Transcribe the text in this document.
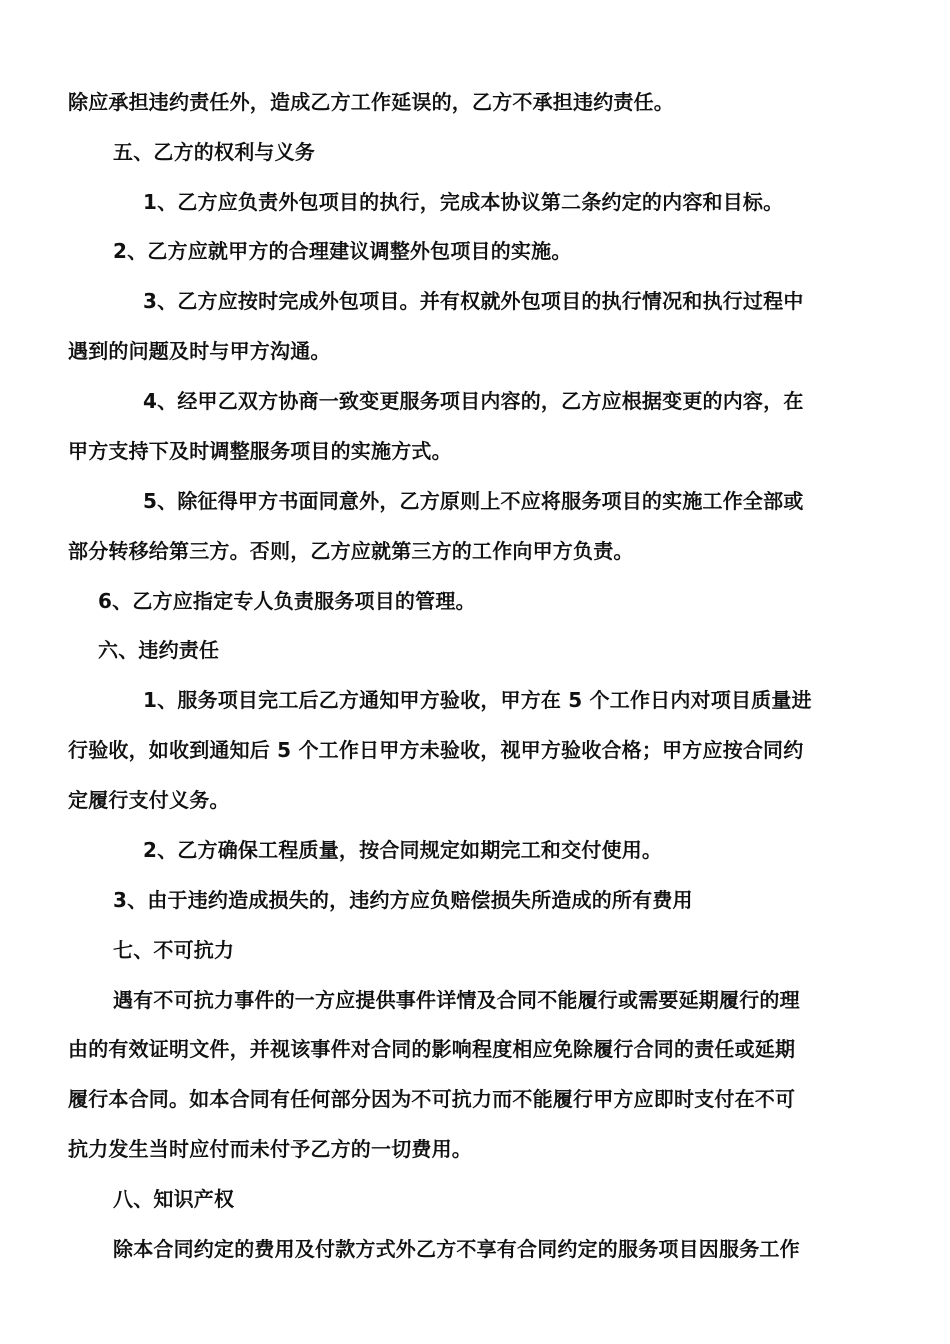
除应承担违约责任外，造成乙方工作延误的，乙方不承担违约责任。
五、乙方的权利与义务
1、乙方应负责外包项目的执行，完成本协议第二条约定的内容和目标。
2、乙方应就甲方的合理建议调整外包项目的实施。
3、乙方应按时完成外包项目。并有权就外包项目的执行情况和执行过程中
遇到的问题及时与甲方沟通。
4、经甲乙双方协商一致变更服务项目内容的，乙方应根据变更的内容，在
甲方支持下及时调整服务项目的实施方式。
5、除征得甲方书面同意外，乙方原则上不应将服务项目的实施工作全部或
部分转移给第三方。否则，乙方应就第三方的工作向甲方负责。
6、乙方应指定专人负责服务项目的管理。
六、违约责任
1、服务项目完工后乙方通知甲方验收，甲方在 5 个工作日内对项目质量进
行验收，如收到通知后 5 个工作日甲方未验收，视甲方验收合格；甲方应按合同约
定履行支付义务。
2、乙方确保工程质量，按合同规定如期完工和交付使用。
3、由于违约造成损失的，违约方应负赔偿损失所造成的所有费用
七、不可抗力
遇有不可抗力事件的一方应提供事件详情及合同不能履行或需要延期履行的理
由的有效证明文件，并视该事件对合同的影响程度相应免除履行合同的责任或延期
履行本合同。如本合同有任何部分因为不可抗力而不能履行甲方应即时支付在不可
抗力发生当时应付而未付予乙方的一切费用。
八、知识产权
除本合同约定的费用及付款方式外乙方不享有合同约定的服务项目因服务工作
